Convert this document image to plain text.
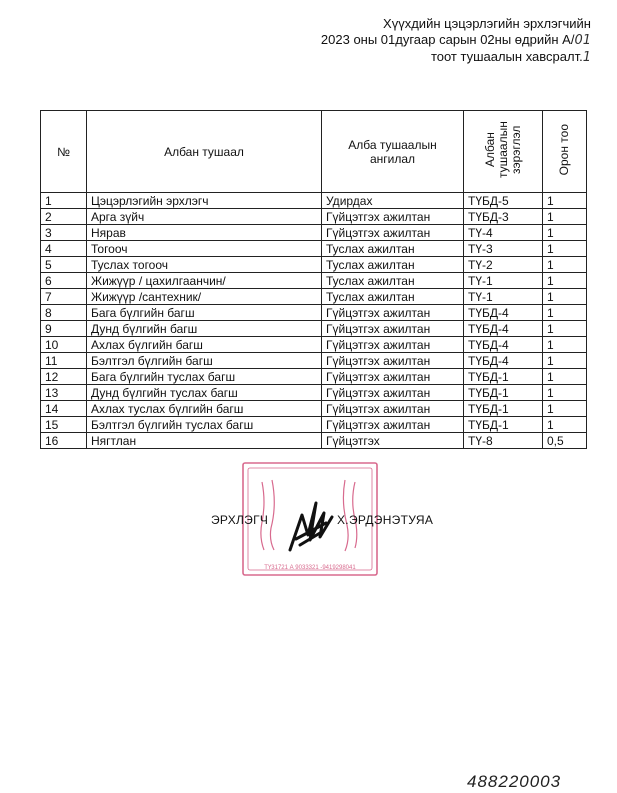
Хүүхдийн цэцэрлэгийн эрхлэгчийн
2023 оны 01дугаар сарын 02ны өдрийн А/01
тоот тушаалын хавсралт.1
№	Албан тушаал	Алба тушаалын ангилал	Албан тушаалын зэрэглэл	Орон тоо
1	Цэцэрлэгийн эрхлэгч	Удирдах	ТҮБД-5	1
2	Арга зүйч	Гүйцэтгэх ажилтан	ТҮБД-3	1
3	Нярав	Гүйцэтгэх ажилтан	ТҮ-4	1
4	Тогооч	Туслах ажилтан	ТҮ-3	1
5	Туслах тогооч	Туслах ажилтан	ТҮ-2	1
6	Жижүүр / цахилгаанчин/	Туслах ажилтан	ТҮ-1	1
7	Жижүүр /сантехник/	Туслах ажилтан	ТҮ-1	1
8	Бага бүлгийн багш	Гүйцэтгэх ажилтан	ТҮБД-4	1
9	Дунд бүлгийн багш	Гүйцэтгэх ажилтан	ТҮБД-4	1
10	Ахлах бүлгийн багш	Гүйцэтгэх ажилтан	ТҮБД-4	1
11	Бэлтгэл бүлгийн багш	Гүйцэтгэх ажилтан	ТҮБД-4	1
12	Бага бүлгийн туслах багш	Гүйцэтгэх ажилтан	ТҮБД-1	1
13	Дунд бүлгийн туслах багш	Гүйцэтгэх ажилтан	ТҮБД-1	1
14	Ахлах туслах бүлгийн багш	Гүйцэтгэх ажилтан	ТҮБД-1	1
15	Бэлтгэл бүлгийн туслах багш	Гүйцэтгэх ажилтан	ТҮБД-1	1
16	Нягтлан	Гүйцэтгэх	ТҮ-8	0,5
ТҮ31721 А 9033321 -9419298041
ЭРХЛЭГЧ	Х.ЭРДЭНЭТУЯА
488220003
